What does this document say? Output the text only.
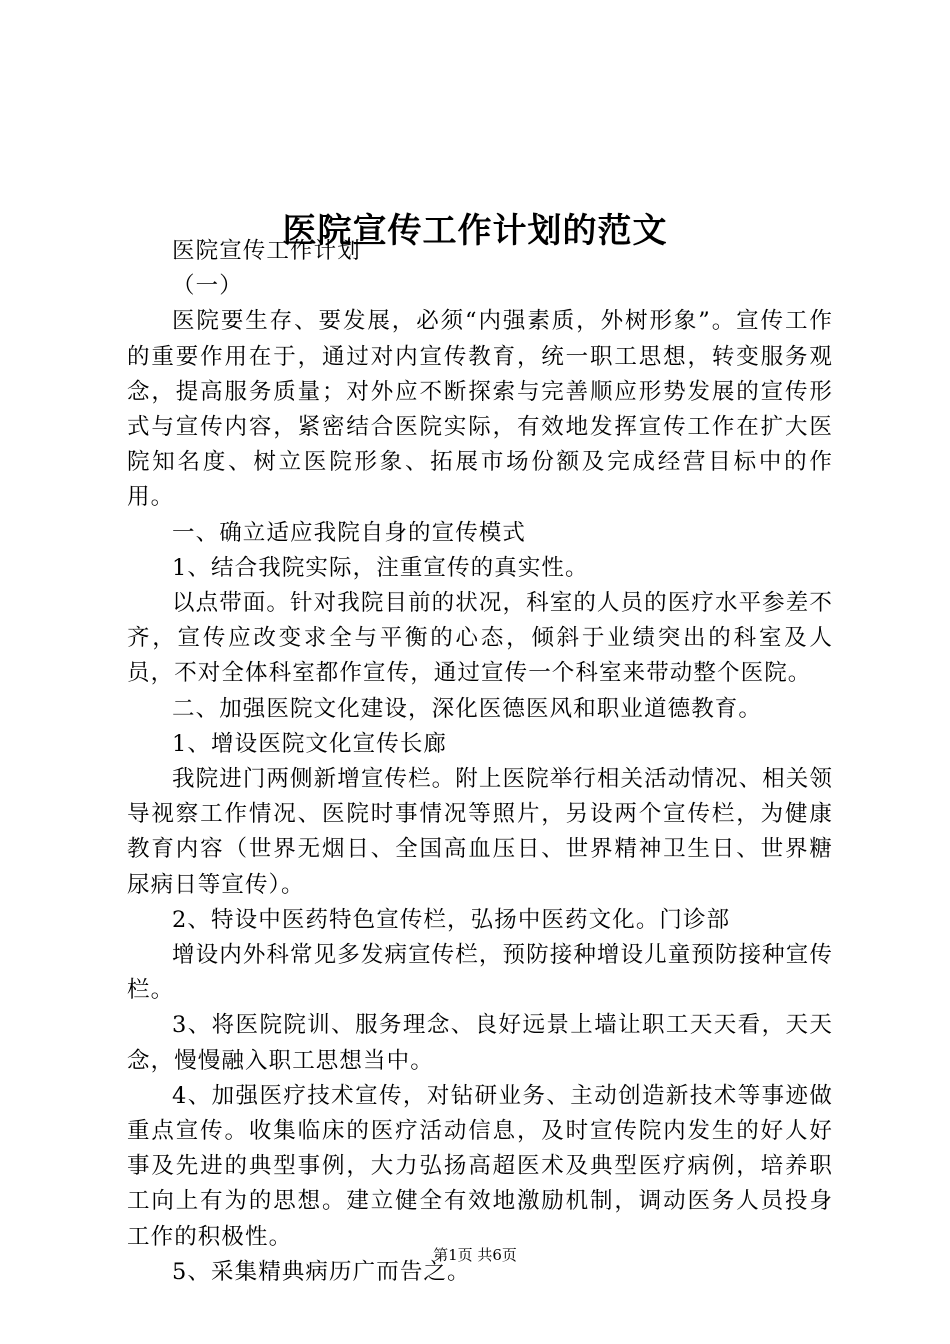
医院宣传工作计划的范文

医院宣传工作计划

（一）

医院要生存、要发展，必须“内强素质，外树形象”。宣传工作的重要作用在于，通过对内宣传教育，统一职工思想，转变服务观念，提高服务质量；对外应不断探索与完善顺应形势发展的宣传形式与宣传内容，紧密结合医院实际，有效地发挥宣传工作在扩大医院知名度、树立医院形象、拓展市场份额及完成经营目标中的作用。

一、确立适应我院自身的宣传模式

1、结合我院实际，注重宣传的真实性。

以点带面。针对我院目前的状况，科室的人员的医疗水平参差不齐，宣传应改变求全与平衡的心态，倾斜于业绩突出的科室及人员，不对全体科室都作宣传，通过宣传一个科室来带动整个医院。

二、加强医院文化建设，深化医德医风和职业道德教育。

1、增设医院文化宣传长廊

我院进门两侧新增宣传栏。附上医院举行相关活动情况、相关领导视察工作情况、医院时事情况等照片，另设两个宣传栏，为健康教育内容（世界无烟日、全国高血压日、世界精神卫生日、世界糖尿病日等宣传）。

2、特设中医药特色宣传栏，弘扬中医药文化。门诊部

增设内外科常见多发病宣传栏，预防接种增设儿童预防接种宣传栏。

3、将医院院训、服务理念、良好远景上墙让职工天天看，天天念，慢慢融入职工思想当中。

4、加强医疗技术宣传，对钻研业务、主动创造新技术等事迹做重点宣传。收集临床的医疗活动信息，及时宣传院内发生的好人好事及先进的典型事例，大力弘扬高超医术及典型医疗病例，培养职工向上有为的思想。建立健全有效地激励机制，调动医务人员投身工作的积极性。

5、采集精典病历广而告之。

第1页 共6页
